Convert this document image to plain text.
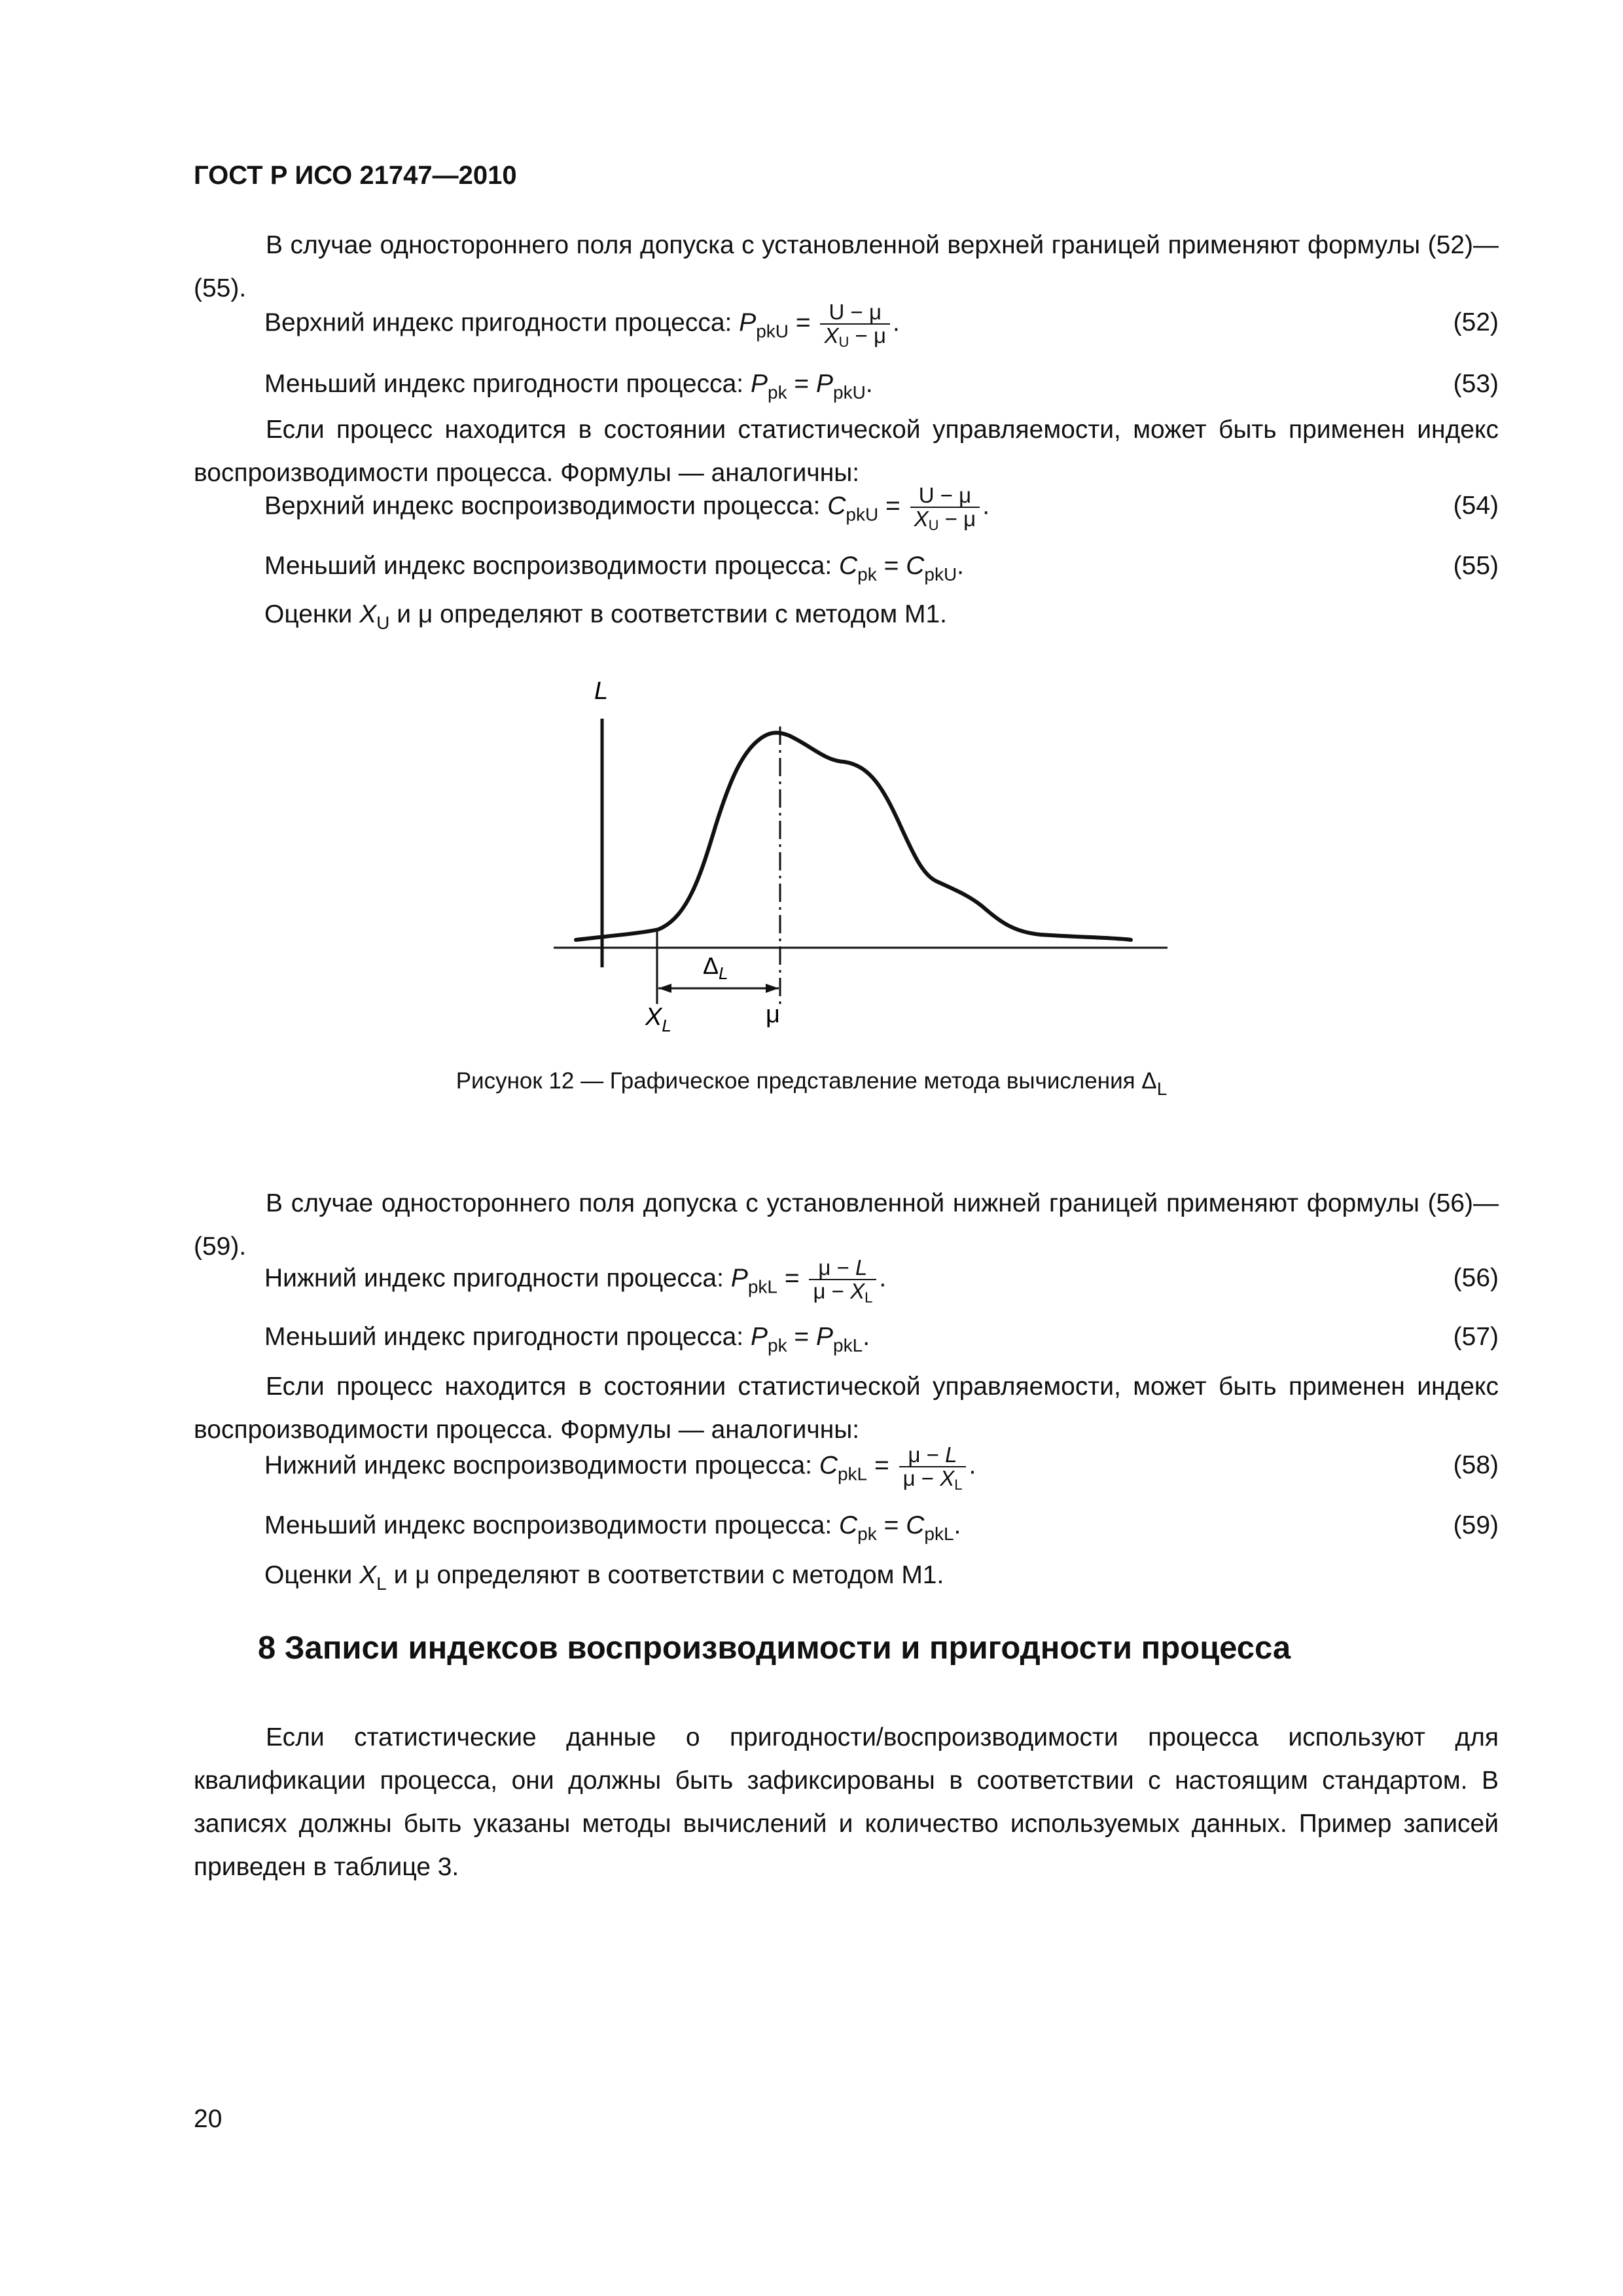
ГОСТ Р ИСО 21747—2010

В случае одностороннего поля допуска с установленной верхней границей применяют формулы (52)—(55).

Верхний индекс пригодности процесса: $P_{pkU} = \frac{U - \mu}{X_U - \mu}$ .	(52)
Меньший индекс пригодности процесса: $P_{pk} = P_{pkU}$.	(53)

Если процесс находится в состоянии статистической управляемости, может быть применен индекс воспроизводимости процесса. Формулы — аналогичны:

Верхний индекс воспроизводимости процесса: $C_{pkU} = \frac{U - \mu}{X_U - \mu}$ .	(54)
Меньший индекс воспроизводимости процесса: $C_{pk} = C_{pkU}$.	(55)
Оценки $X_U$ и μ определяют в соответствии с методом М1.
L
$\Delta_L$
$X_L$	μ
Рисунок 12 — Графическое представление метода вычисления $\Delta_L$

В случае одностороннего поля допуска с установленной нижней границей применяют формулы (56)—(59).

Нижний индекс пригодности процесса: $P_{pkL} = \frac{\mu - L}{\mu - X_L}$ .	(56)
Меньший индекс пригодности процесса: $P_{pk} = P_{pkL}$.	(57)

Если процесс находится в состоянии статистической управляемости, может быть применен индекс воспроизводимости процесса. Формулы — аналогичны:

Нижний индекс воспроизводимости процесса: $C_{pkL} = \frac{\mu - L}{\mu - X_L}$ .	(58)
Меньший индекс воспроизводимости процесса: $C_{pk} = C_{pkL}$.	(59)
Оценки $X_L$ и μ определяют в соответствии с методом М1.
8 Записи индексов воспроизводимости и пригодности процесса

Если статистические данные о пригодности/воспроизводимости процесса используют для квалификации процесса, они должны быть зафиксированы в соответствии с настоящим стандартом. В записях должны быть указаны методы вычислений и количество используемых данных. Пример записей приведен в таблице 3.

20
